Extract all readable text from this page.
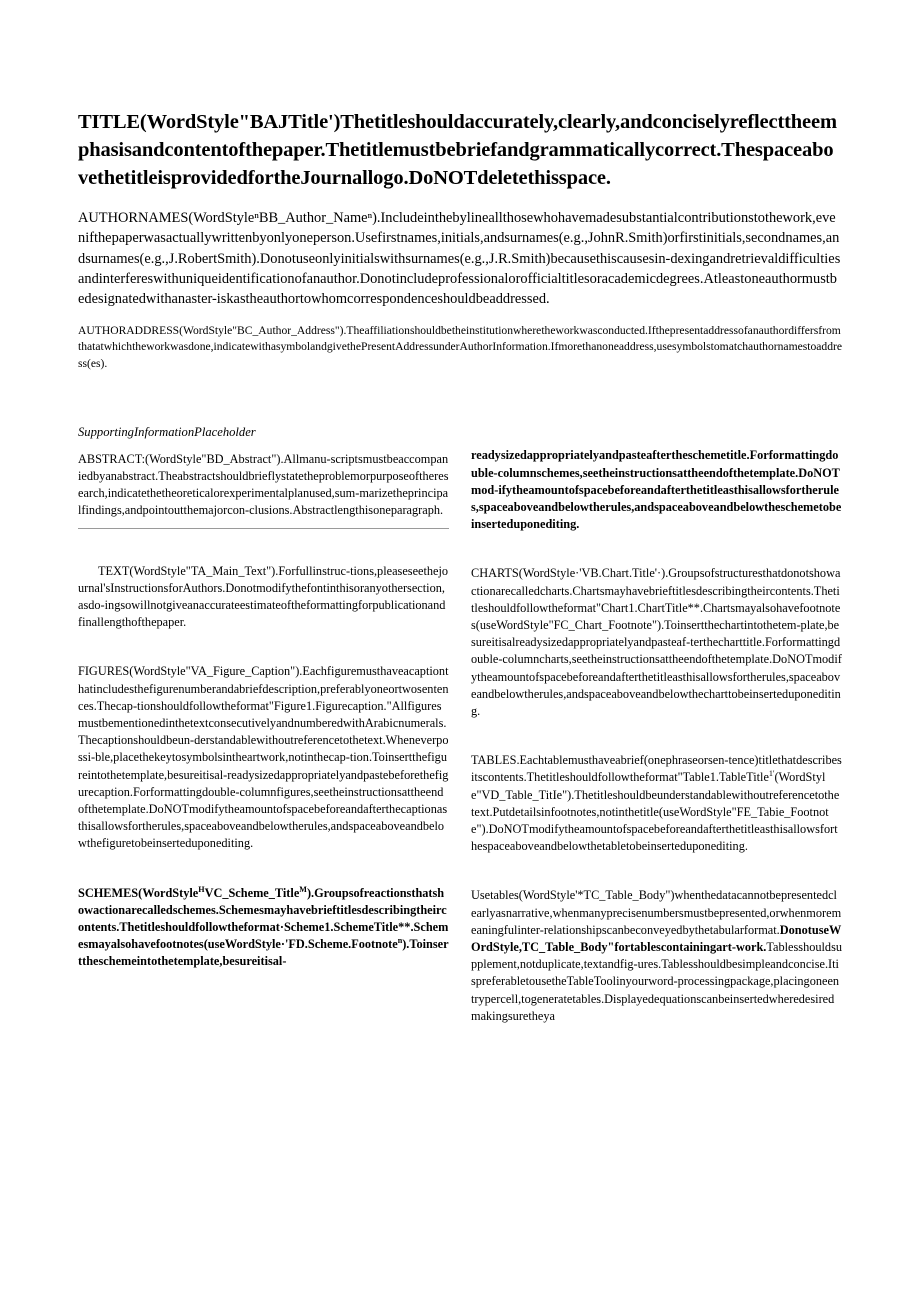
TITLE(WordStyle"BAJTitle')Thetitleshouldaccurately,clearly,andconciselyreflecttheemphasisandcontentofthepaper.Thetitlemustbebriefandgrammaticallycorrect.ThespaceabovethetitleisprovidedfortheJournallogo.DoNOTdeletethisspace.

AUTHORNAMES(WordStyleⁿBB_Author_Nameⁿ).Includeinthebylineallthosewhohavemadesubstantialcontributionstothework,evenifthepaperwasactuallywrittenbyonlyoneperson.Usefirstnames,initials,andsurnames(e.g.,JohnR.Smith)orfirstinitials,secondnames,andsurnames(e.g.,J.RobertSmith).Donotuseonlyinitialswithsurnames(e.g.,J.R.Smith)becausethiscausesin-dexingandretrievaldifficultiesandinterfereswithuniqueidentificationofanauthor.Donotincludeprofessionaloroffic​ialtitlesoracademicdegrees.Atleastoneauthormustbedesignatedwithanaster-iskastheauthortowhomcorrespondenceshouldbeaddressed.

AUTHORADDRESS(WordStyle"BC_Author_Address").Theaffiliationshouldbetheinstitutionwheretheworkwasconducted.Ifthepresentaddressofanauthordiffersfromthatatwhichtheworkwasdone,indicatewithasymbolandgivethePresentAddressunderAuthorInformation.Ifmorethanoneaddress,usesymbolstomatchauthornamestoaddress(es).

SupportingInformationPlaceholder

ABSTRACT:(WordStyle"BD_Abstract").Allmanu-scriptsmustbeaccompaniedbyanabstract.Theabstractshouldbrieflystatetheproblemorpurposeoftheresearch,indicatethetheoreticalorexperimentalplanused,sum-marizetheprincipalfindings,andpointoutthemajorcon-clusions.Abstractlengthisoneparagraph.

TEXT(WordStyle"TA_Main_Text").Forfullinstruc-tions,pleaseseethejournal'sInstructionsforAuthors.Donotmodifythefontinthisoranyothersection,asdo-ingsowillnotgiveanaccurateestimateoftheformattingforpublicationandfinallengthofthepaper.

FIGURES(WordStyle"VA_Figure_Caption").Eachfiguremusthaveacaptionthatincludesthefigurenumberandabriefdescription,preferablyoneortwosentences.Thecap-tionshouldfollowtheformat"Figure1.Figurecaption."AllfiguresmustbementionedinthetextconsecutivelyandnumberedwithArabicnumerals.Thecaptionshouldbeun-derstandablewithoutreferencetothetext.Wheneverpossi-ble,placethekeytosymbolsintheartwork,notinthecap-tion.Toinsertthefigureintothetemplate,besureitisal-readysizedappropriatelyandpastebeforethefigurecaption.Forformattingdouble-columnfigures,seetheinstructionsattheendofthetemplate.DoNOTmodifytheamountofspacebeforeandafterthecaptionasthisallowsfortherules,spaceaboveandbelowtherules,andspaceaboveandbelowthefiguretobeinserteduponediting.

SCHEMES(WordStyle$^H$VC_Scheme_Title$^M$).Groupsofreactionsthatshowactionarecalledschemes.Schemesmayhavebrieftitlesdescribingtheircontents.Thetitleshouldfollowtheformat·Scheme1.SchemeTitle**.Schemesmayalsohavefootnotes(useWordStyle·'FD.Scheme.Footnote$^n$).Toinserttheschemeintothetemplate,besureitisal-

readysizedappropriatelyandpasteaftertheschemetitle.Forformattingdouble-columnschemes,seetheinstructionsattheendofthetemplate.DoNOTmod-ifytheamountofspacebeforeandafterthetitleasthisallowsfortherules,spaceaboveandbelowtherules,andspaceaboveandbelowtheschemetobeinserteduponediting.

CHARTS(WordStyle·'VB.Chart.Title'·).Groupsofstructuresthatdonotshowactionarecalledcharts.Chartsmayhavebrieftitlesdescribingtheircontents.Thetitleshouldfollowtheformat"Chart1.ChartTitle**.Chartsmayalsohavefootnotes(useWordStyle"FC_Chart_Footnote").Toinsertthechartintothetem-plate,besureitisalreadysizedappropriatelyandpasteaf-terthecharttitle.Forformattingdouble-columncharts,seetheinstructionsattheendofthetemplate.DoNOTmodifytheamountofspacebeforeandafterthetitleasthisallowsfortherules,spaceaboveandbelowtherules,andspaceaboveandbelowthecharttobeinserteduponediting.

TABLES.Eachtablemusthaveabrief(onephraseorsen-tence)titlethatdescribesitscontents.Thetitleshouldfollowtheformat"Table1.TableTitle$^{1'}$(WordStyle"VD_Table_TitIe").Thetitleshouldbeunderstandablewithoutreferencetothetext.Putdetailsinfootnotes,notinthetitle(useWordStyle"FE_Tabie_Footnote").DoNOTmodifytheamountofspacebeforeandafterthetitleasthisallowsforthespaceaboveandbelowthetabletobeinserteduponediting.

Usetables(WordStyle'*TC_Table_Body")whenthedatacannotbepresentedclearlyasnarrative,whenmanyprecisenumbersmustbepresented,orwhenmoremeaningfulinter-relationshipscanbeconveyedbythetabularformat.DonotuseWOrdStyle,TC_Table_Body"fortablescontainingart-work.Tablesshouldsupplement,notduplicate,textandfig-ures.Tablesshouldbesimpleandconcise.ItispreferabletousetheTableToolinyourword-processingpackage,placingoneentrypercell,togeneratetables.Displayedequationscanbeinsertedwheredesiredmakingsuretheya
